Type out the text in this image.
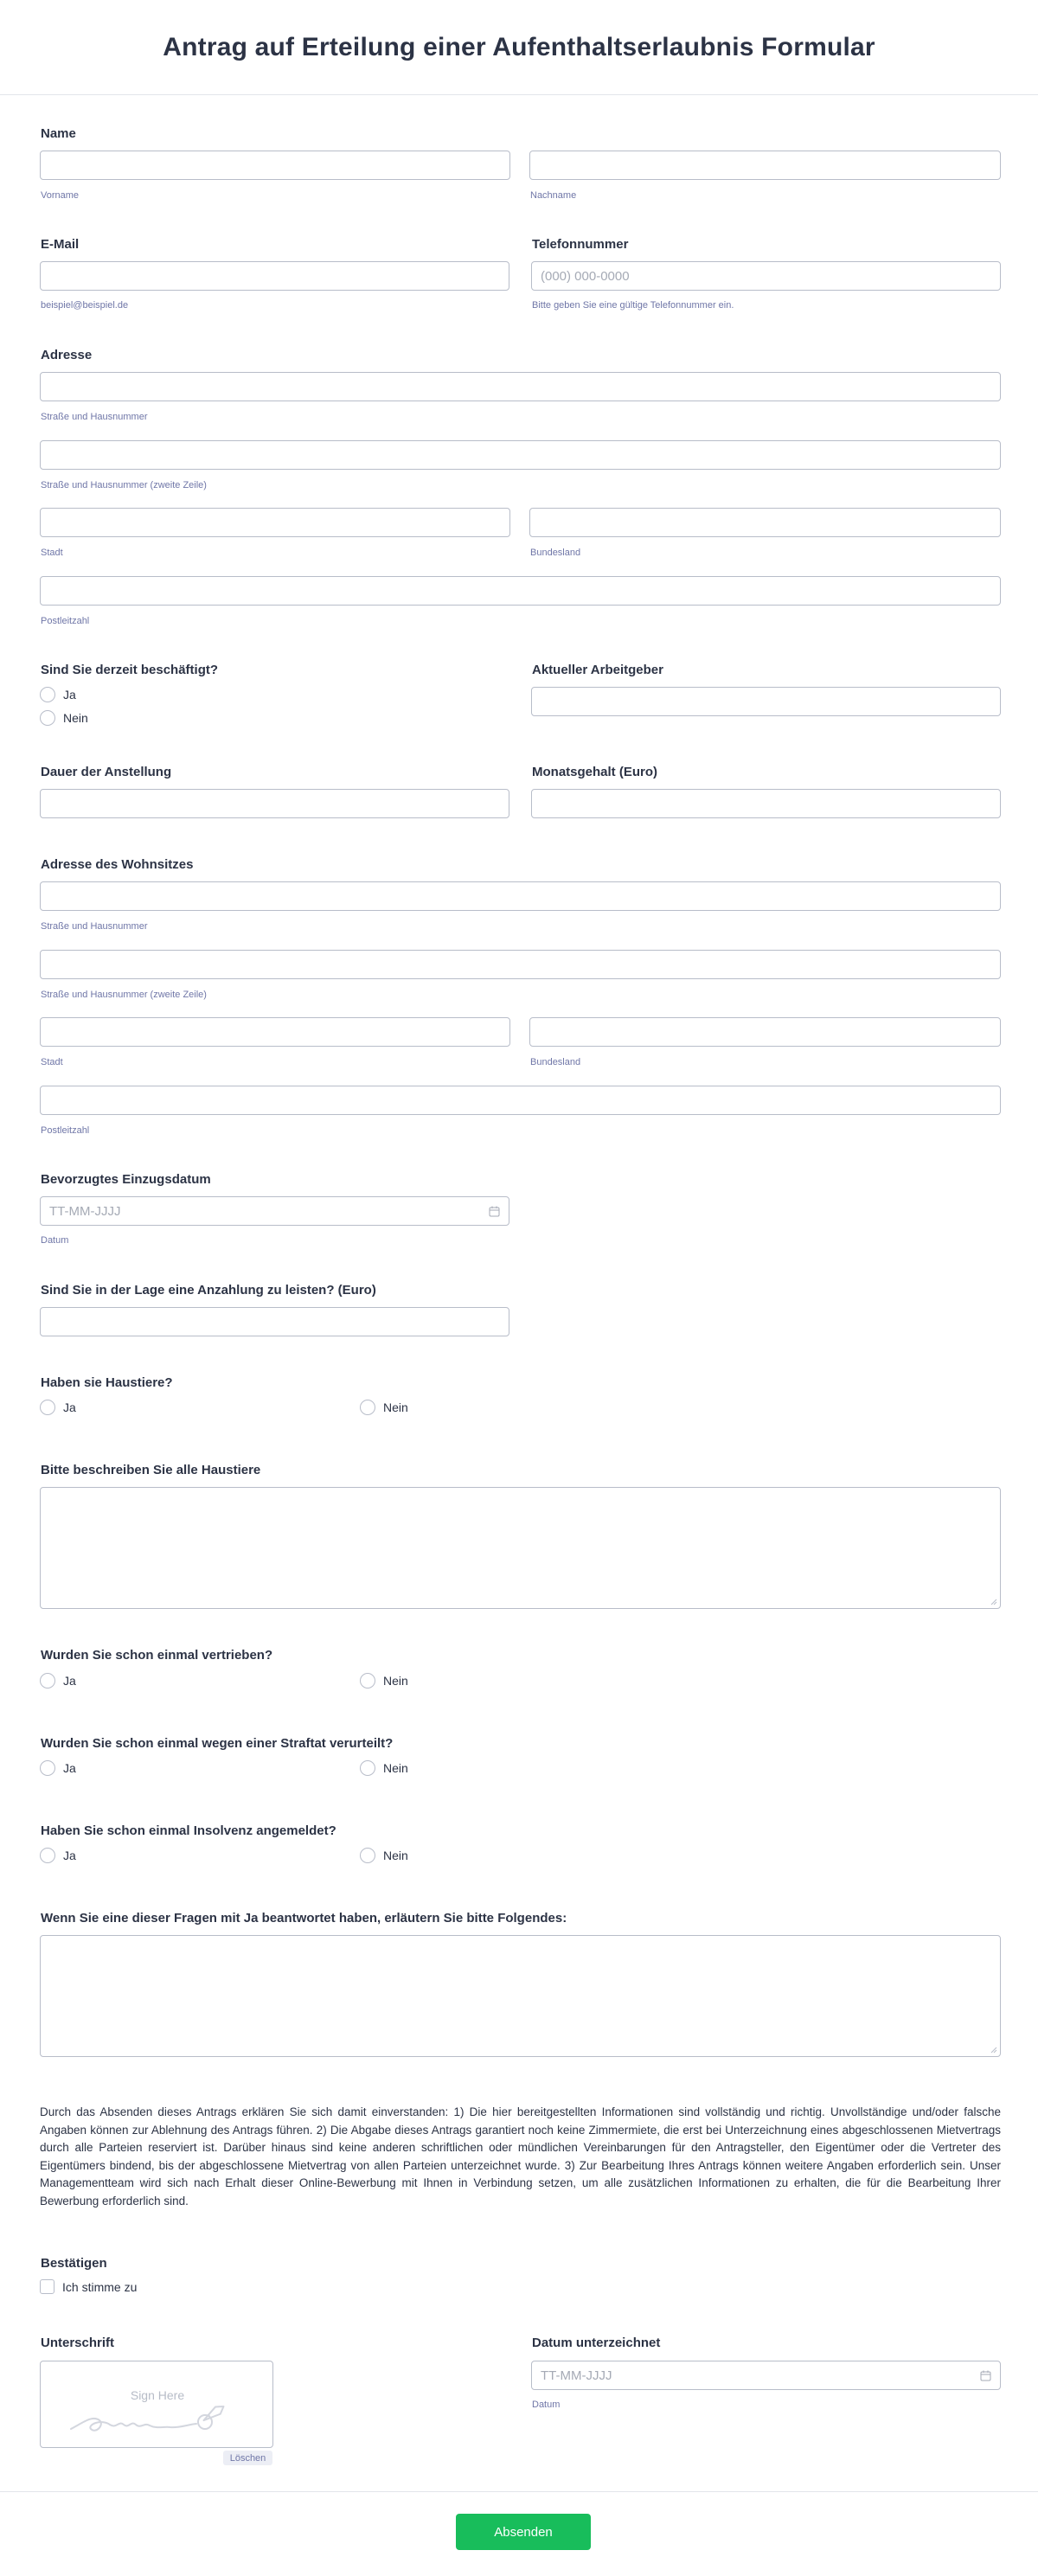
Antrag auf Erteilung einer Aufenthaltserlaubnis Formular
Name
Vorname	Nachname
E-Mail
beispiel@beispiel.de
Telefonnummer
(000) 000-0000
Bitte geben Sie eine gültige Telefonnummer ein.
Adresse
Straße und Hausnummer
Straße und Hausnummer (zweite Zeile)
Stadt	Bundesland
Postleitzahl
Sind Sie derzeit beschäftigt?
Ja
Nein
Aktueller Arbeitgeber
Dauer der Anstellung	Monatsgehalt (Euro)
Adresse des Wohnsitzes
Straße und Hausnummer
Straße und Hausnummer (zweite Zeile)
Stadt	Bundesland
Postleitzahl
Bevorzugtes Einzugsdatum
TT-MM-JJJJ
Datum
Sind Sie in der Lage eine Anzahlung zu leisten? (Euro)
Haben sie Haustiere?
Ja	Nein
Bitte beschreiben Sie alle Haustiere
Wurden Sie schon einmal vertrieben?
Ja	Nein
Wurden Sie schon einmal wegen einer Straftat verurteilt?
Ja	Nein
Haben Sie schon einmal Insolvenz angemeldet?
Ja	Nein
Wenn Sie eine dieser Fragen mit Ja beantwortet haben, erläutern Sie bitte Folgendes:
Durch das Absenden dieses Antrags erklären Sie sich damit einverstanden: 1) Die hier bereitgestellten Informationen sind vollständig und richtig. Unvollständige und/oder falsche Angaben können zur Ablehnung des Antrags führen. 2) Die Abgabe dieses Antrags garantiert noch keine Zimmermiete, die erst bei Unterzeichnung eines abgeschlossenen Mietvertrags durch alle Parteien reserviert ist. Darüber hinaus sind keine anderen schriftlichen oder mündlichen Vereinbarungen für den Antragsteller, den Eigentümer oder die Vertreter des Eigentümers bindend, bis der abgeschlossene Mietvertrag von allen Parteien unterzeichnet wurde. 3) Zur Bearbeitung Ihres Antrags können weitere Angaben erforderlich sein. Unser Managementteam wird sich nach Erhalt dieser Online-Bewerbung mit Ihnen in Verbindung setzen, um alle zusätzlichen Informationen zu erhalten, die für die Bearbeitung Ihrer Bewerbung erforderlich sind.
Bestätigen
Ich stimme zu
Unterschrift
Sign Here
Löschen
Datum unterzeichnet
TT-MM-JJJJ
Datum
Absenden
